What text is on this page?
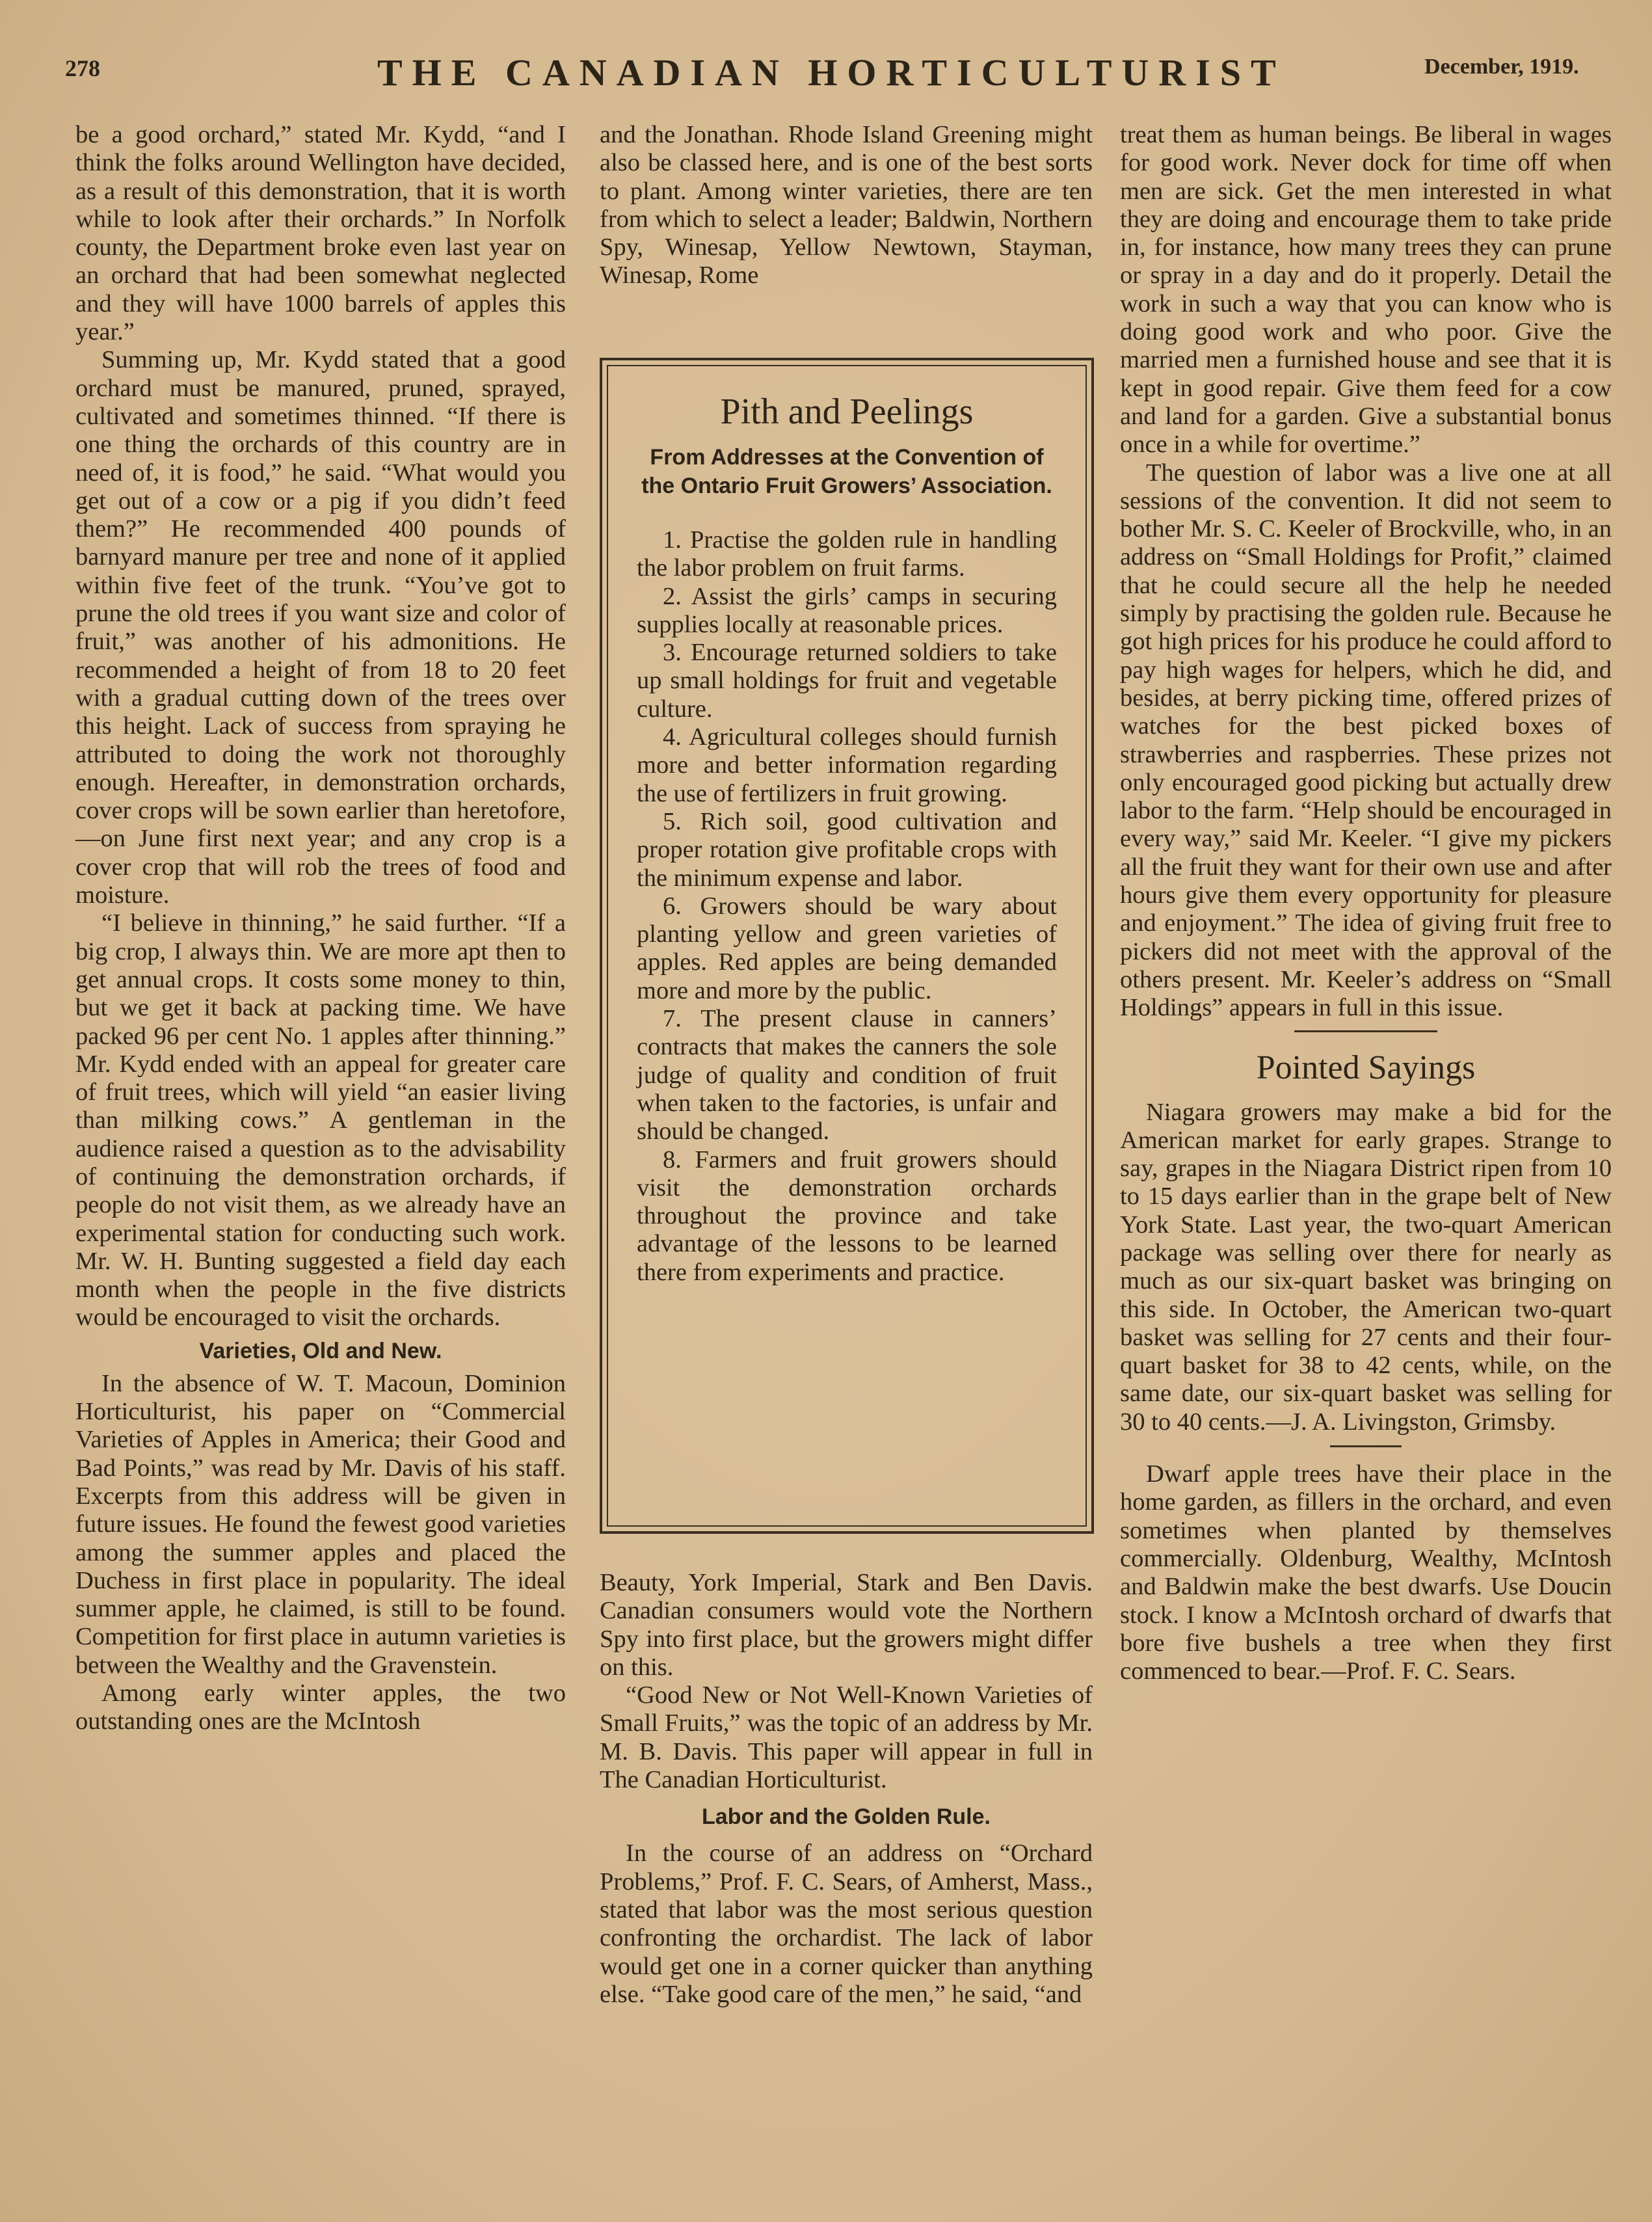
278	THE CANADIAN HORTICULTURIST	December, 1919.

be a good orchard,” stated Mr. Kydd, “and I think the folks around Wellington have decided, as a result of this demonstration, that it is worth while to look after their orchards.” In Norfolk county, the Department broke even last year on an orchard that had been somewhat neglected and they will have 1000 barrels of apples this year.”

Summing up, Mr. Kydd stated that a good orchard must be manured, pruned, sprayed, cultivated and sometimes thinned. “If there is one thing the orchards of this country are in need of, it is food,” he said. “What would you get out of a cow or a pig if you didn’t feed them?” He recommended 400 pounds of barnyard manure per tree and none of it applied within five feet of the trunk. “You’ve got to prune the old trees if you want size and color of fruit,” was another of his admonitions. He recommended a height of from 18 to 20 feet with a gradual cutting down of the trees over this height. Lack of success from spraying he attributed to doing the work not thoroughly enough. Hereafter, in demonstration orchards, cover crops will be sown earlier than heretofore,—on June first next year; and any crop is a cover crop that will rob the trees of food and moisture.

“I believe in thinning,” he said further. “If a big crop, I always thin. We are more apt then to get annual crops. It costs some money to thin, but we get it back at packing time. We have packed 96 per cent No. 1 apples after thinning.” Mr. Kydd ended with an appeal for greater care of fruit trees, which will yield “an easier living than milking cows.” A gentleman in the audience raised a question as to the advisability of continuing the demonstration orchards, if people do not visit them, as we already have an experimental station for conducting such work. Mr. W. H. Bunting suggested a field day each month when the people in the five districts would be encouraged to visit the orchards.

Varieties, Old and New.

In the absence of W. T. Macoun, Dominion Horticulturist, his paper on “Commercial Varieties of Apples in America; their Good and Bad Points,” was read by Mr. Davis of his staff. Excerpts from this address will be given in future issues. He found the fewest good varieties among the summer apples and placed the Duchess in first place in popularity. The ideal summer apple, he claimed, is still to be found. Competition for first place in autumn varieties is between the Wealthy and the Gravenstein.

Among early winter apples, the two outstanding ones are the McIntosh

and the Jonathan. Rhode Island Greening might also be classed here, and is one of the best sorts to plant. Among winter varieties, there are ten from which to select a leader; Baldwin, Northern Spy, Winesap, Yellow Newtown, Stayman, Winesap, Rome

Pith and Peelings
From Addresses at the Convention of the Ontario Fruit Growers’ Association.

1. Practise the golden rule in handling the labor problem on fruit farms.

2. Assist the girls’ camps in securing supplies locally at reasonable prices.

3. Encourage returned soldiers to take up small holdings for fruit and vegetable culture.

4. Agricultural colleges should furnish more and better information regarding the use of fertilizers in fruit growing.

5. Rich soil, good cultivation and proper rotation give profitable crops with the minimum expense and labor.

6. Growers should be wary about planting yellow and green varieties of apples. Red apples are being demanded more and more by the public.

7. The present clause in canners’ contracts that makes the canners the sole judge of quality and condition of fruit when taken to the factories, is unfair and should be changed.

8. Farmers and fruit growers should visit the demonstration orchards throughout the province and take advantage of the lessons to be learned there from experiments and practice.

Beauty, York Imperial, Stark and Ben Davis. Canadian consumers would vote the Northern Spy into first place, but the growers might differ on this.

“Good New or Not Well-Known Varieties of Small Fruits,” was the topic of an address by Mr. M. B. Davis. This paper will appear in full in The Canadian Horticulturist.

Labor and the Golden Rule.

In the course of an address on “Orchard Problems,” Prof. F. C. Sears, of Amherst, Mass., stated that labor was the most serious question confronting the orchardist. The lack of labor would get one in a corner quicker than anything else. “Take good care of the men,” he said, “and

treat them as human beings. Be liberal in wages for good work. Never dock for time off when men are sick. Get the men interested in what they are doing and encourage them to take pride in, for instance, how many trees they can prune or spray in a day and do it properly. Detail the work in such a way that you can know who is doing good work and who poor. Give the married men a furnished house and see that it is kept in good repair. Give them feed for a cow and land for a garden. Give a substantial bonus once in a while for overtime.”

The question of labor was a live one at all sessions of the convention. It did not seem to bother Mr. S. C. Keeler of Brockville, who, in an address on “Small Holdings for Profit,” claimed that he could secure all the help he needed simply by practising the golden rule. Because he got high prices for his produce he could afford to pay high wages for helpers, which he did, and besides, at berry picking time, offered prizes of watches for the best picked boxes of strawberries and raspberries. These prizes not only encouraged good picking but actually drew labor to the farm. “Help should be encouraged in every way,” said Mr. Keeler. “I give my pickers all the fruit they want for their own use and after hours give them every opportunity for pleasure and enjoyment.” The idea of giving fruit free to pickers did not meet with the approval of the others present. Mr. Keeler’s address on “Small Holdings” appears in full in this issue.

Pointed Sayings

Niagara growers may make a bid for the American market for early grapes. Strange to say, grapes in the Niagara District ripen from 10 to 15 days earlier than in the grape belt of New York State. Last year, the two-quart American package was selling over there for nearly as much as our six-quart basket was bringing on this side. In October, the American two-quart basket was selling for 27 cents and their four-quart basket for 38 to 42 cents, while, on the same date, our six-quart basket was selling for 30 to 40 cents.—J. A. Livingston, Grimsby.

Dwarf apple trees have their place in the home garden, as fillers in the orchard, and even sometimes when planted by themselves commercially. Oldenburg, Wealthy, McIntosh and Baldwin make the best dwarfs. Use Doucin stock. I know a McIntosh orchard of dwarfs that bore five bushels a tree when they first commenced to bear.—Prof. F. C. Sears.
